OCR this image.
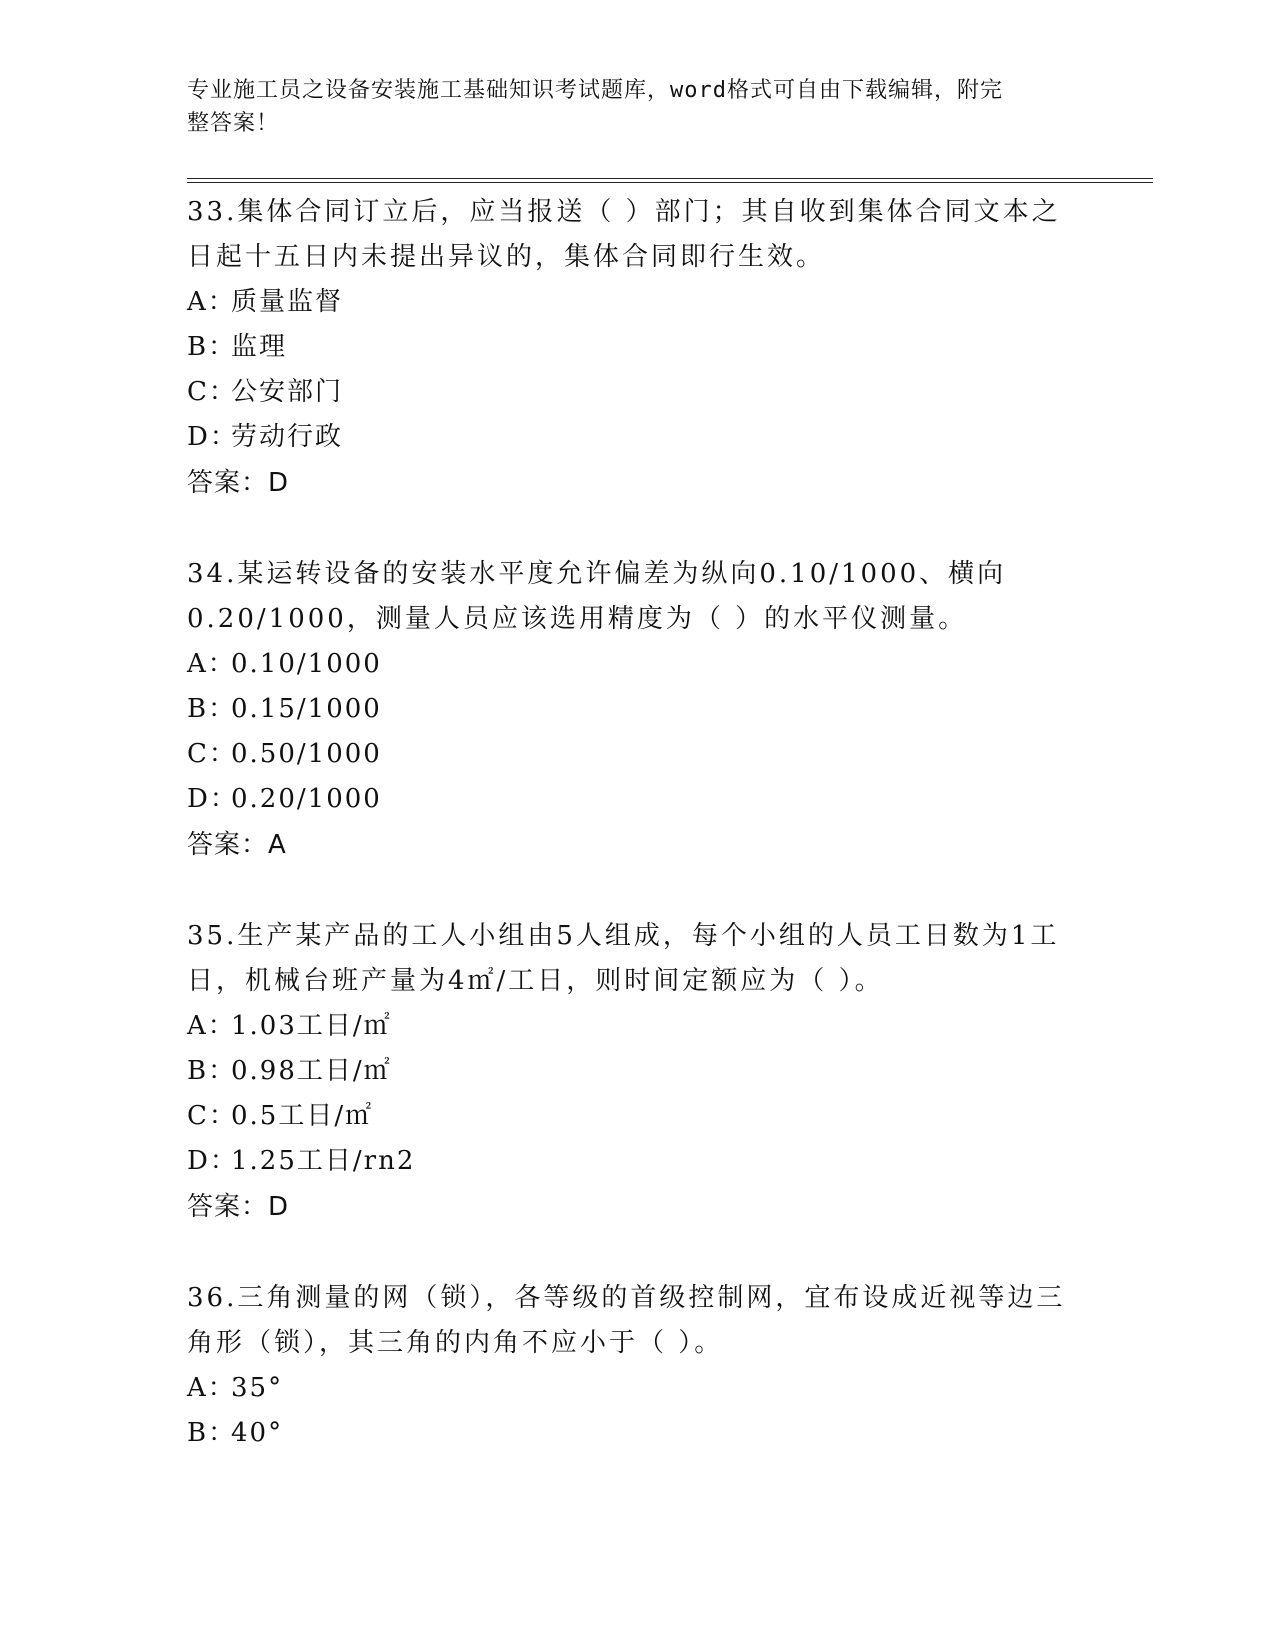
专业施工员之设备安装施工基础知识考试题库，word格式可自由下载编辑，附完
整答案！
33.集体合同订立后，应当报送（ ）部门；其自收到集体合同文本之日起十五日内未提出异议的，集体合同即行生效。
A：质量监督
B：监理
C：公安部门
D：劳动行政
答案：D
34.某运转设备的安装水平度允许偏差为纵向0.10/1000、横向0.20/1000，测量人员应该选用精度为（ ）的水平仪测量。
A：0.10/1000
B：0.15/1000
C：0.50/1000
D：0.20/1000
答案：A
35.生产某产品的工人小组由5人组成，每个小组的人员工日数为1工日，机械台班产量为4㎡/工日，则时间定额应为（ ）。
A：1.03工日/㎡
B：0.98工日/㎡
C：0.5工日/㎡
D：1.25工日/rn2
答案：D
36.三角测量的网（锁），各等级的首级控制网，宜布设成近视等边三角形（锁），其三角的内角不应小于（ ）。
A：35°
B：40°
